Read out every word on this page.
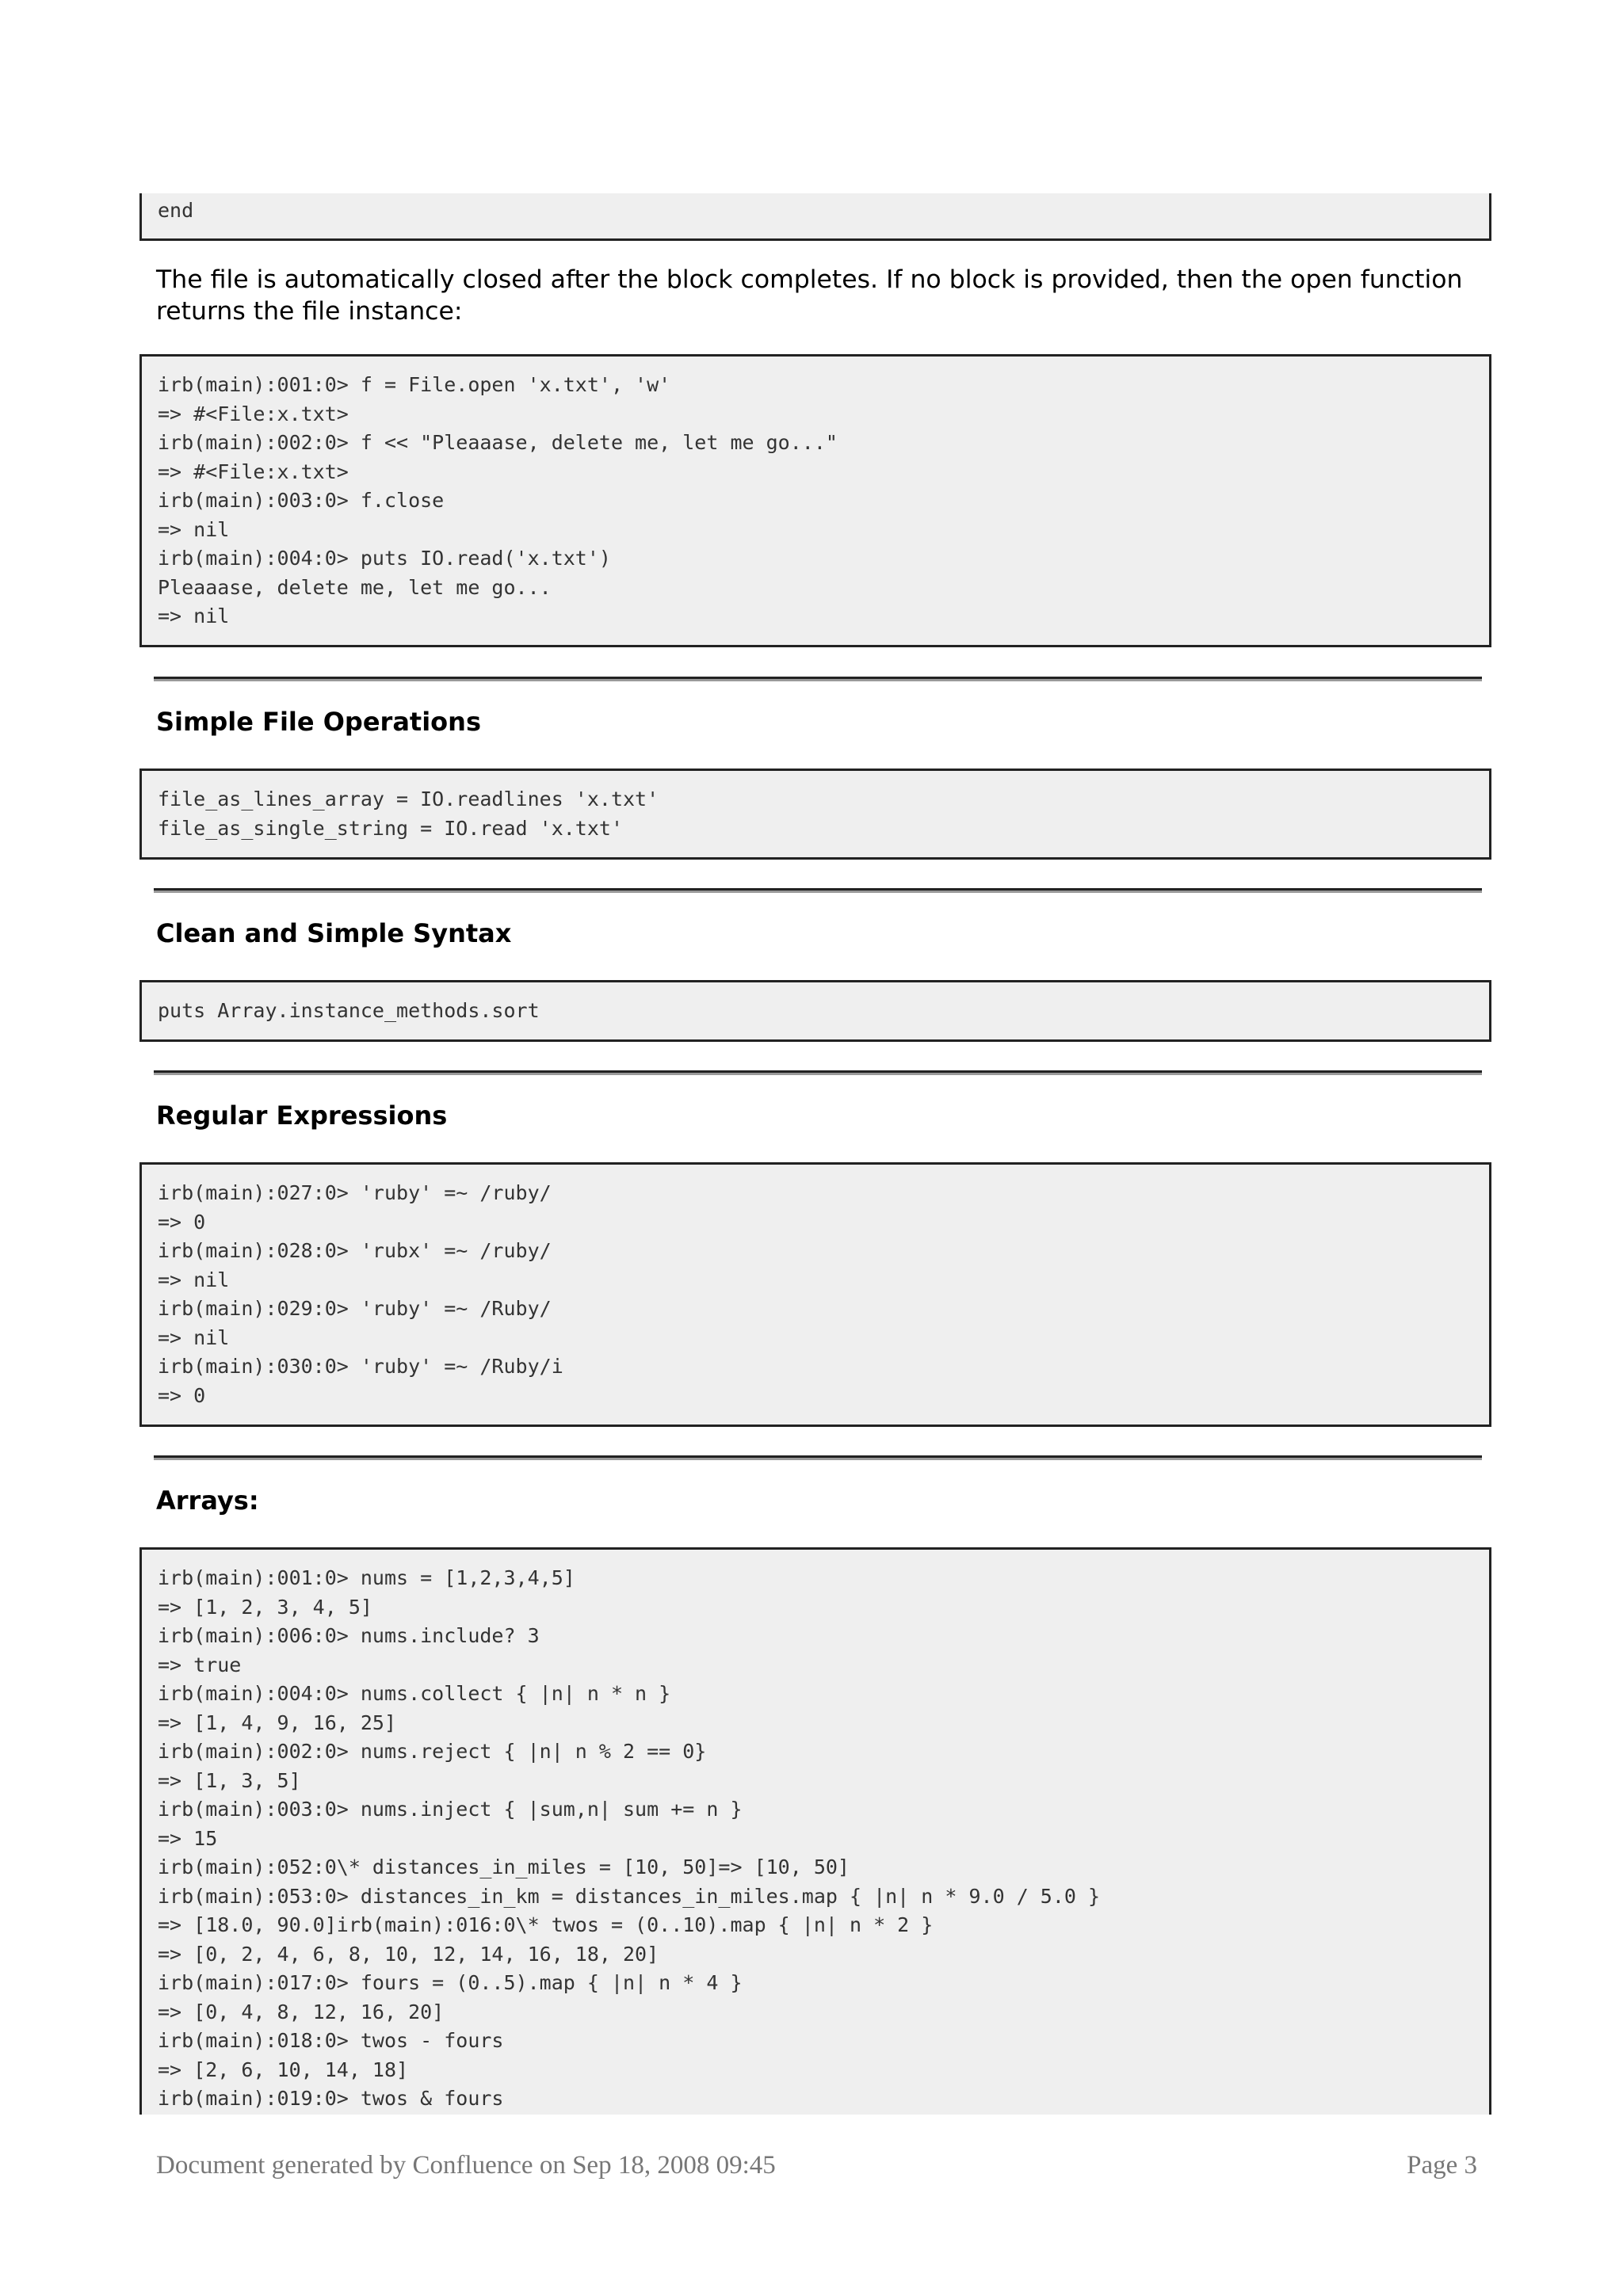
end
The file is automatically closed after the block completes. If no block is provided, then the open function returns the file instance:
irb(main):001:0> f = File.open 'x.txt', 'w'
=> #<File:x.txt>
irb(main):002:0> f << "Pleaaase, delete me, let me go..."
=> #<File:x.txt>
irb(main):003:0> f.close
=> nil
irb(main):004:0> puts IO.read('x.txt')
Pleaaase, delete me, let me go...
=> nil
Simple File Operations
file_as_lines_array = IO.readlines 'x.txt'
file_as_single_string = IO.read 'x.txt'
Clean and Simple Syntax
puts Array.instance_methods.sort
Regular Expressions
irb(main):027:0> 'ruby' =~ /ruby/
=> 0
irb(main):028:0> 'rubx' =~ /ruby/
=> nil
irb(main):029:0> 'ruby' =~ /Ruby/
=> nil
irb(main):030:0> 'ruby' =~ /Ruby/i
=> 0
Arrays:
irb(main):001:0> nums = [1,2,3,4,5]
=> [1, 2, 3, 4, 5]
irb(main):006:0> nums.include? 3
=> true
irb(main):004:0> nums.collect { |n| n * n }
=> [1, 4, 9, 16, 25]
irb(main):002:0> nums.reject { |n| n % 2 == 0}
=> [1, 3, 5]
irb(main):003:0> nums.inject { |sum,n| sum += n }
=> 15
irb(main):052:0\* distances_in_miles = [10, 50]=> [10, 50]
irb(main):053:0> distances_in_km = distances_in_miles.map { |n| n * 9.0 / 5.0 }
=> [18.0, 90.0]irb(main):016:0\* twos = (0..10).map { |n| n * 2 }
=> [0, 2, 4, 6, 8, 10, 12, 14, 16, 18, 20]
irb(main):017:0> fours = (0..5).map { |n| n * 4 }
=> [0, 4, 8, 12, 16, 20]
irb(main):018:0> twos - fours
=> [2, 6, 10, 14, 18]
irb(main):019:0> twos & fours
Document generated by Confluence on Sep 18, 2008 09:45	Page 3
